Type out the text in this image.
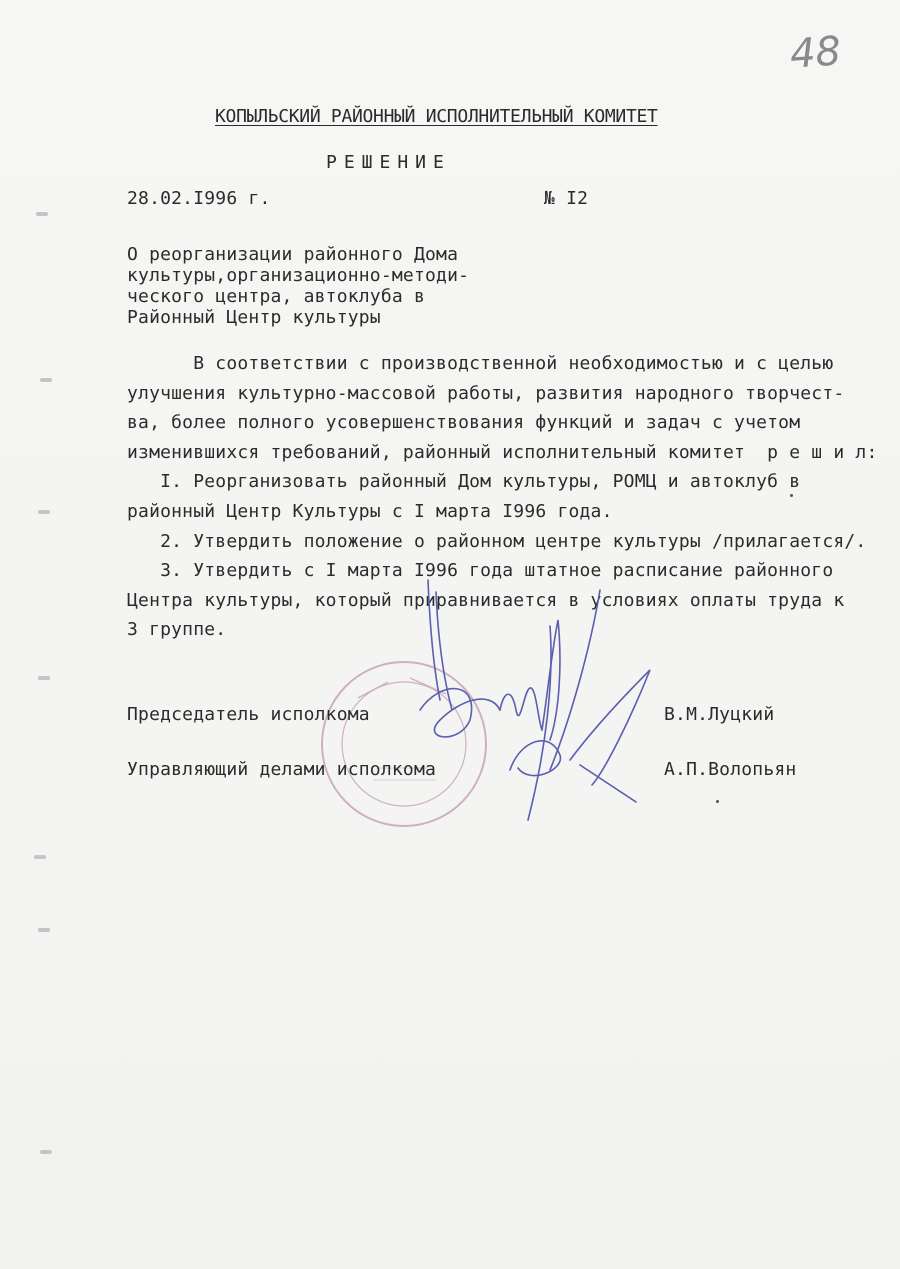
48
КОПЫЛЬСКИЙ РАЙОННЫЙ ИСПОЛНИТЕЛЬНЫЙ КОМИТЕТ
РЕШЕНИЕ
28.02.I996 г.	№ I2
О реорганизации районного Дома
культуры,организационно-методи-
ческого центра, автоклуба в
Районный Центр культуры
В соответствии с производственной необходимостью и с целью
улучшения культурно-массовой работы, развития народного творчест-
ва, более полного усовершенствования функций и задач с учетом
изменившихся требований, районный исполнительный комитет  р е ш и л:
I. Реорганизовать районный Дом культуры, РОМЦ и автоклуб в
районный Центр Культуры с I марта I996 года.
2. Утвердить положение о районном центре культуры /прилагается/.
3. Утвердить с I марта I996 года штатное расписание районного
Центра культуры, который приравнивается в условиях оплаты труда к
3 группе.
Председатель исполкома	В.М.Луцкий
Управляющий делами исполкома	А.П.Волопьян
